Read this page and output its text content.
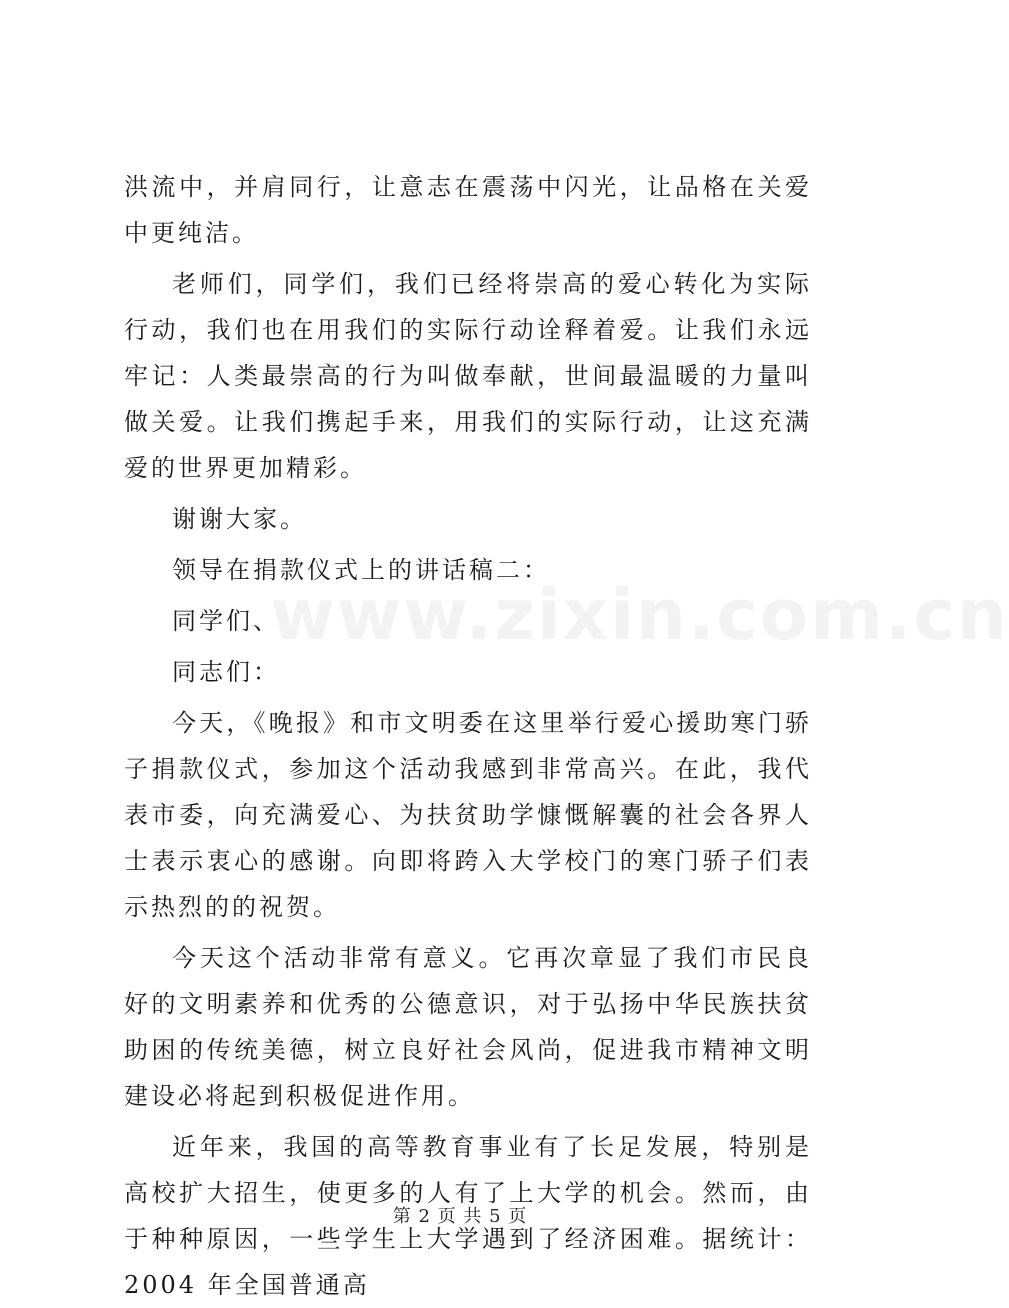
www.zixin.com.cn

洪流中，并肩同行，让意志在震荡中闪光，让品格在关爱中更纯洁。

老师们，同学们，我们已经将崇高的爱心转化为实际行动，我们也在用我们的实际行动诠释着爱。让我们永远牢记：人类最崇高的行为叫做奉献，世间最温暖的力量叫做关爱。让我们携起手来，用我们的实际行动，让这充满爱的世界更加精彩。

谢谢大家。

领导在捐款仪式上的讲话稿二：

同学们、

同志们：

今天，《晚报》和市文明委在这里举行爱心援助寒门骄子捐款仪式，参加这个活动我感到非常高兴。在此，我代表市委，向充满爱心、为扶贫助学慷慨解囊的社会各界人士表示衷心的感谢。向即将跨入大学校门的寒门骄子们表示热烈的的祝贺。

今天这个活动非常有意义。它再次章显了我们市民良好的文明素养和优秀的公德意识，对于弘扬中华民族扶贫助困的传统美德，树立良好社会风尚，促进我市精神文明建设必将起到积极促进作用。

近年来，我国的高等教育事业有了长足发展，特别是高校扩大招生，使更多的人有了上大学的机会。然而，由于种种原因，一些学生上大学遇到了经济困难。据统计：2004 年全国普通高

第 2 页 共 5 页
